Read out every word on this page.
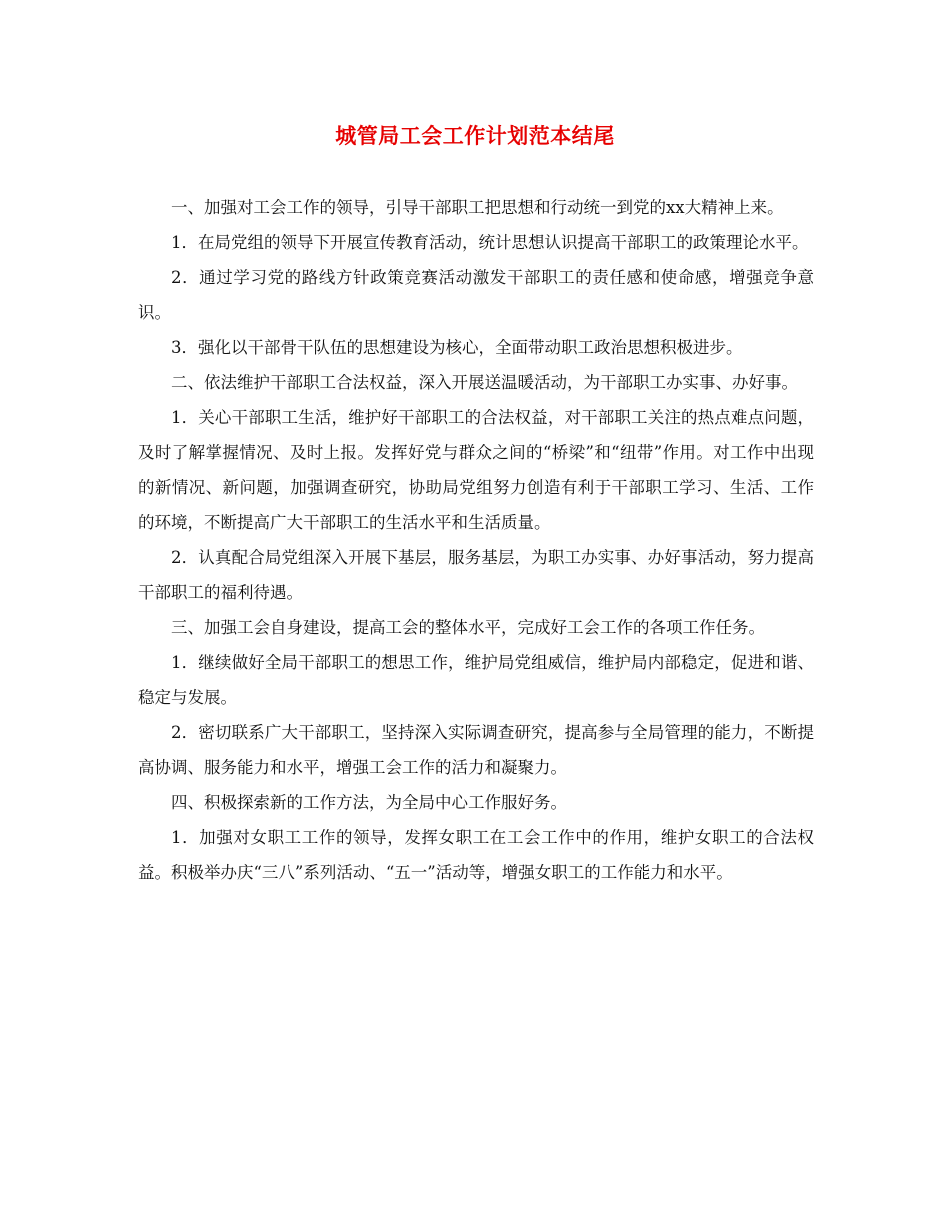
城管局工会工作计划范本结尾

一、加强对工会工作的领导，引导干部职工把思想和行动统一到党的xx大精神上来。

1．在局党组的领导下开展宣传教育活动，统计思想认识提高干部职工的政策理论水平。

2．通过学习党的路线方针政策竞赛活动激发干部职工的责任感和使命感，增强竞争意识。

3．强化以干部骨干队伍的思想建设为核心，全面带动职工政治思想积极进步。

二、依法维护干部职工合法权益，深入开展送温暖活动，为干部职工办实事、办好事。

1．关心干部职工生活，维护好干部职工的合法权益，对干部职工关注的热点难点问题，及时了解掌握情况、及时上报。发挥好党与群众之间的“桥梁”和“纽带”作用。对工作中出现的新情况、新问题，加强调查研究，协助局党组努力创造有利于干部职工学习、生活、工作的环境，不断提高广大干部职工的生活水平和生活质量。

2．认真配合局党组深入开展下基层，服务基层，为职工办实事、办好事活动，努力提高干部职工的福利待遇。

三、加强工会自身建设，提高工会的整体水平，完成好工会工作的各项工作任务。

1．继续做好全局干部职工的想思工作，维护局党组威信，维护局内部稳定，促进和谐、稳定与发展。

2．密切联系广大干部职工，坚持深入实际调查研究，提高参与全局管理的能力，不断提高协调、服务能力和水平，增强工会工作的活力和凝聚力。

四、积极探索新的工作方法，为全局中心工作服好务。

1．加强对女职工工作的领导，发挥女职工在工会工作中的作用，维护女职工的合法权益。积极举办庆“三八”系列活动、“五一”活动等，增强女职工的工作能力和水平。
